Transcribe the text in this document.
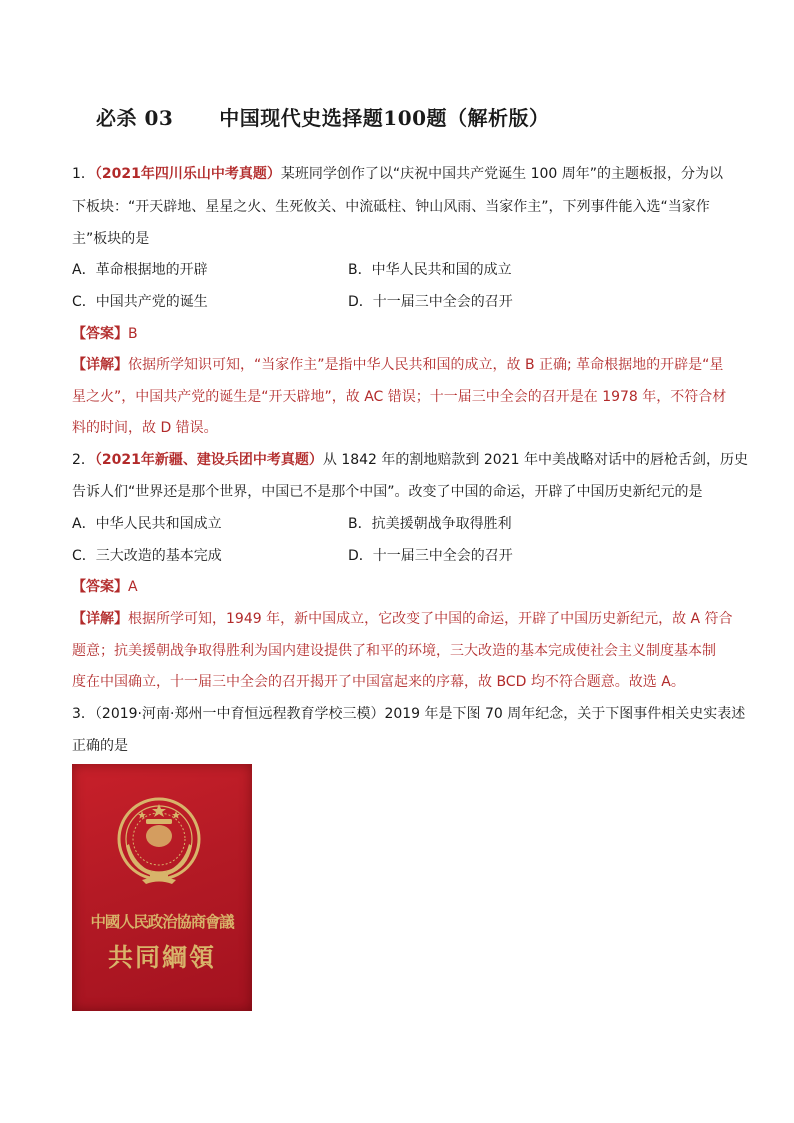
必杀 03 中国现代史选择题100题（解析版）
1．（2021年四川乐山中考真题）某班同学创作了以“庆祝中国共产党诞生 100 周年”的主题板报，分为以
下板块：“开天辟地、星星之火、生死攸关、中流砥柱、钟山风雨、当家作主”，下列事件能入选“当家作
主”板块的是
A．革命根据地的开辟	B．中华人民共和国的成立
C．中国共产党的诞生	D．十一届三中全会的召开
【答案】B
【详解】依据所学知识可知，“当家作主”是指中华人民共和国的成立，故 B 正确; 革命根据地的开辟是“星
星之火”，中国共产党的诞生是“开天辟地”，故 AC 错误；十一届三中全会的召开是在 1978 年，不符合材
料的时间，故 D 错误。
2．（2021年新疆、建设兵团中考真题）从 1842 年的割地赔款到 2021 年中美战略对话中的唇枪舌剑，历史
告诉人们“世界还是那个世界，中国已不是那个中国”。改变了中国的命运，开辟了中国历史新纪元的是
A．中华人民共和国成立	B．抗美援朝战争取得胜利
C．三大改造的基本完成	D．十一届三中全会的召开
【答案】A
【详解】根据所学可知，1949 年，新中国成立，它改变了中国的命运，开辟了中国历史新纪元，故 A 符合
题意；抗美援朝战争取得胜利为国内建设提供了和平的环境，三大改造的基本完成使社会主义制度基本制
度在中国确立，十一届三中全会的召开揭开了中国富起来的序幕，故 BCD 均不符合题意。故选 A。
3．（2019·河南·郑州一中育恒远程教育学校三模）2019 年是下图 70 周年纪念，关于下图事件相关史实表述
正确的是
中國人民政治協商會議
共同綱領
